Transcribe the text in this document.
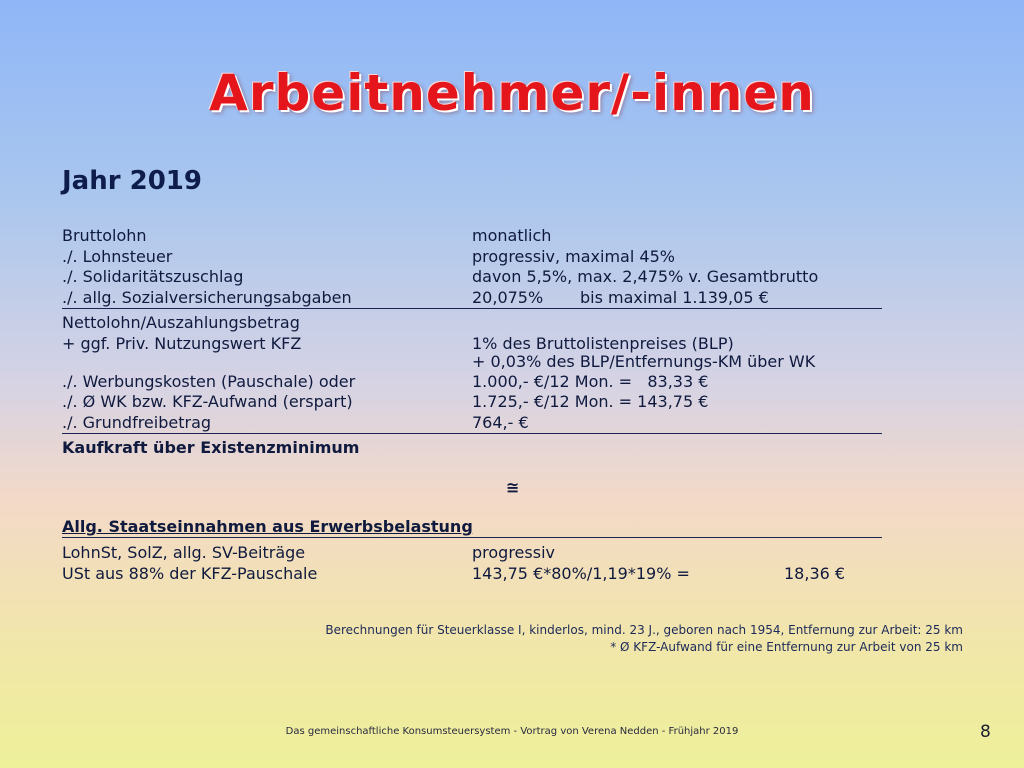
Arbeitnehmer/-innen
Jahr 2019
Bruttolohn	monatlich
./. Lohnsteuer	progressiv, maximal 45%
./. Solidaritätszuschlag	davon 5,5%, max. 2,475% v. Gesamtbrutto
./. allg. Sozialversicherungsabgaben	20,075% bis maximal 1.139,05 €
Nettolohn/Auszahlungsbetrag
+ ggf. Priv. Nutzungswert KFZ	1% des Bruttolistenpreises (BLP)
+ 0,03% des BLP/Entfernungs-KM über WK
./. Werbungskosten (Pauschale) oder	1.000,- €/12 Mon. =   83,33 €
./. Ø WK bzw. KFZ-Aufwand (erspart)	1.725,- €/12 Mon. = 143,75 €
./. Grundfreibetrag	764,- €
Kaufkraft über Existenzminimum
≅
Allg. Staatseinnahmen aus Erwerbsbelastung
LohnSt, SolZ, allg. SV-Beiträge	progressiv
USt aus 88% der KFZ-Pauschale	143,75 €*80%/1,19*19% =	18,36 €
Berechnungen für Steuerklasse I, kinderlos, mind. 23 J., geboren nach 1954, Entfernung zur Arbeit: 25 km
* Ø KFZ-Aufwand für eine Entfernung zur Arbeit von 25 km
Das gemeinschaftliche Konsumsteuersystem - Vortrag von Verena Nedden - Frühjahr 2019	8
